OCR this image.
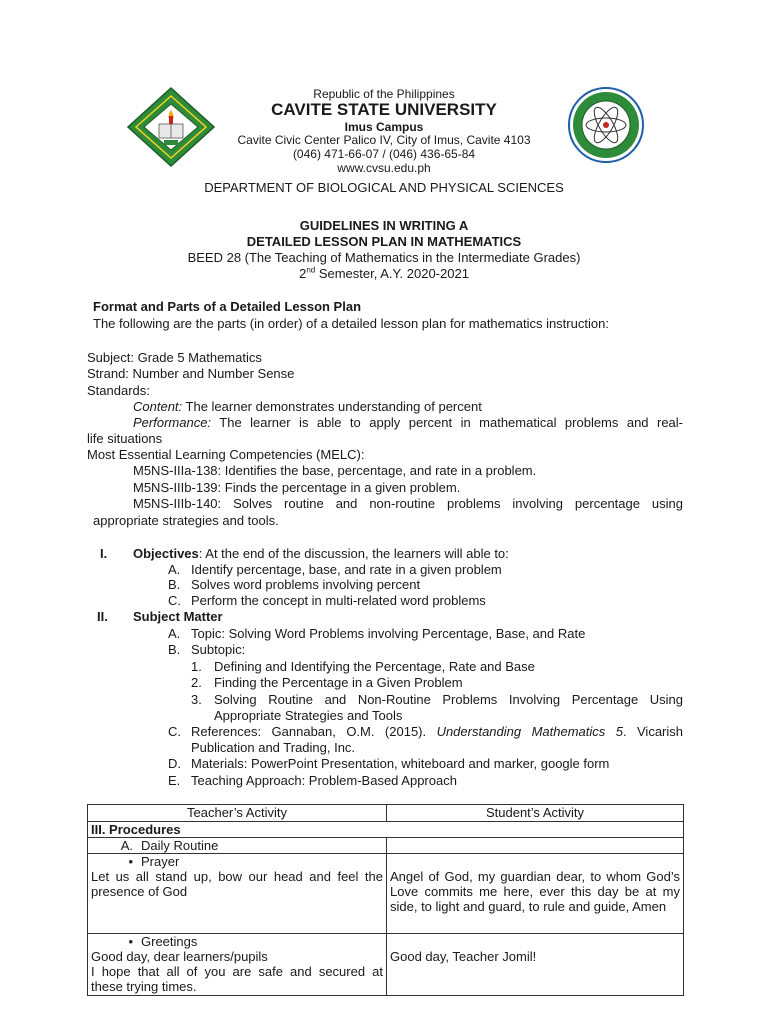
Republic of the Philippines
CAVITE STATE UNIVERSITY
Imus Campus
Cavite Civic Center Palico IV, City of Imus, Cavite 4103
(046) 471-66-07 / (046) 436-65-84
www.cvsu.edu.ph
DEPARTMENT OF BIOLOGICAL AND PHYSICAL SCIENCES
GUIDELINES IN WRITING A
DETAILED LESSON PLAN IN MATHEMATICS
BEED 28 (The Teaching of Mathematics in the Intermediate Grades)
2nd Semester, A.Y. 2020-2021
Format and Parts of a Detailed Lesson Plan
The following are the parts (in order) of a detailed lesson plan for mathematics instruction:
Subject: Grade 5 Mathematics
Strand: Number and Number Sense
Standards:
Content: The learner demonstrates understanding of percent
Performance: The learner is able to apply percent in mathematical problems and real-
life situations
Most Essential Learning Competencies (MELC):
M5NS-IIIa-138: Identifies the base, percentage, and rate in a problem.
M5NS-IIIb-139: Finds the percentage in a given problem.
M5NS-IIIb-140: Solves routine and non-routine problems involving percentage using
appropriate strategies and tools.
I. Objectives: At the end of the discussion, the learners will able to:
A. Identify percentage, base, and rate in a given problem
B. Solves word problems involving percent
C. Perform the concept in multi-related word problems
II. Subject Matter
A. Topic: Solving Word Problems involving Percentage, Base, and Rate
B. Subtopic:
1. Defining and Identifying the Percentage, Rate and Base
2. Finding the Percentage in a Given Problem
3. Solving Routine and Non-Routine Problems Involving Percentage Using
Appropriate Strategies and Tools
C. References: Gannaban, O.M. (2015). Understanding Mathematics 5. Vicarish
Publication and Trading, Inc.
D. Materials: PowerPoint Presentation, whiteboard and marker, google form
E. Teaching Approach: Problem-Based Approach
Teacher’s Activity	Student’s Activity
III. Procedures	
A. Daily Routine	

• Prayer
Let us all stand up, bow our head and feel the presence of God	Angel of God, my guardian dear, to whom God’s Love commits me here, ever this day be at my side, to light and guard, to rule and guide, Amen

• Greetings
Good day, dear learners/pupils
I hope that all of you are safe and secured at these trying times.	Good day, Teacher Jomil!
